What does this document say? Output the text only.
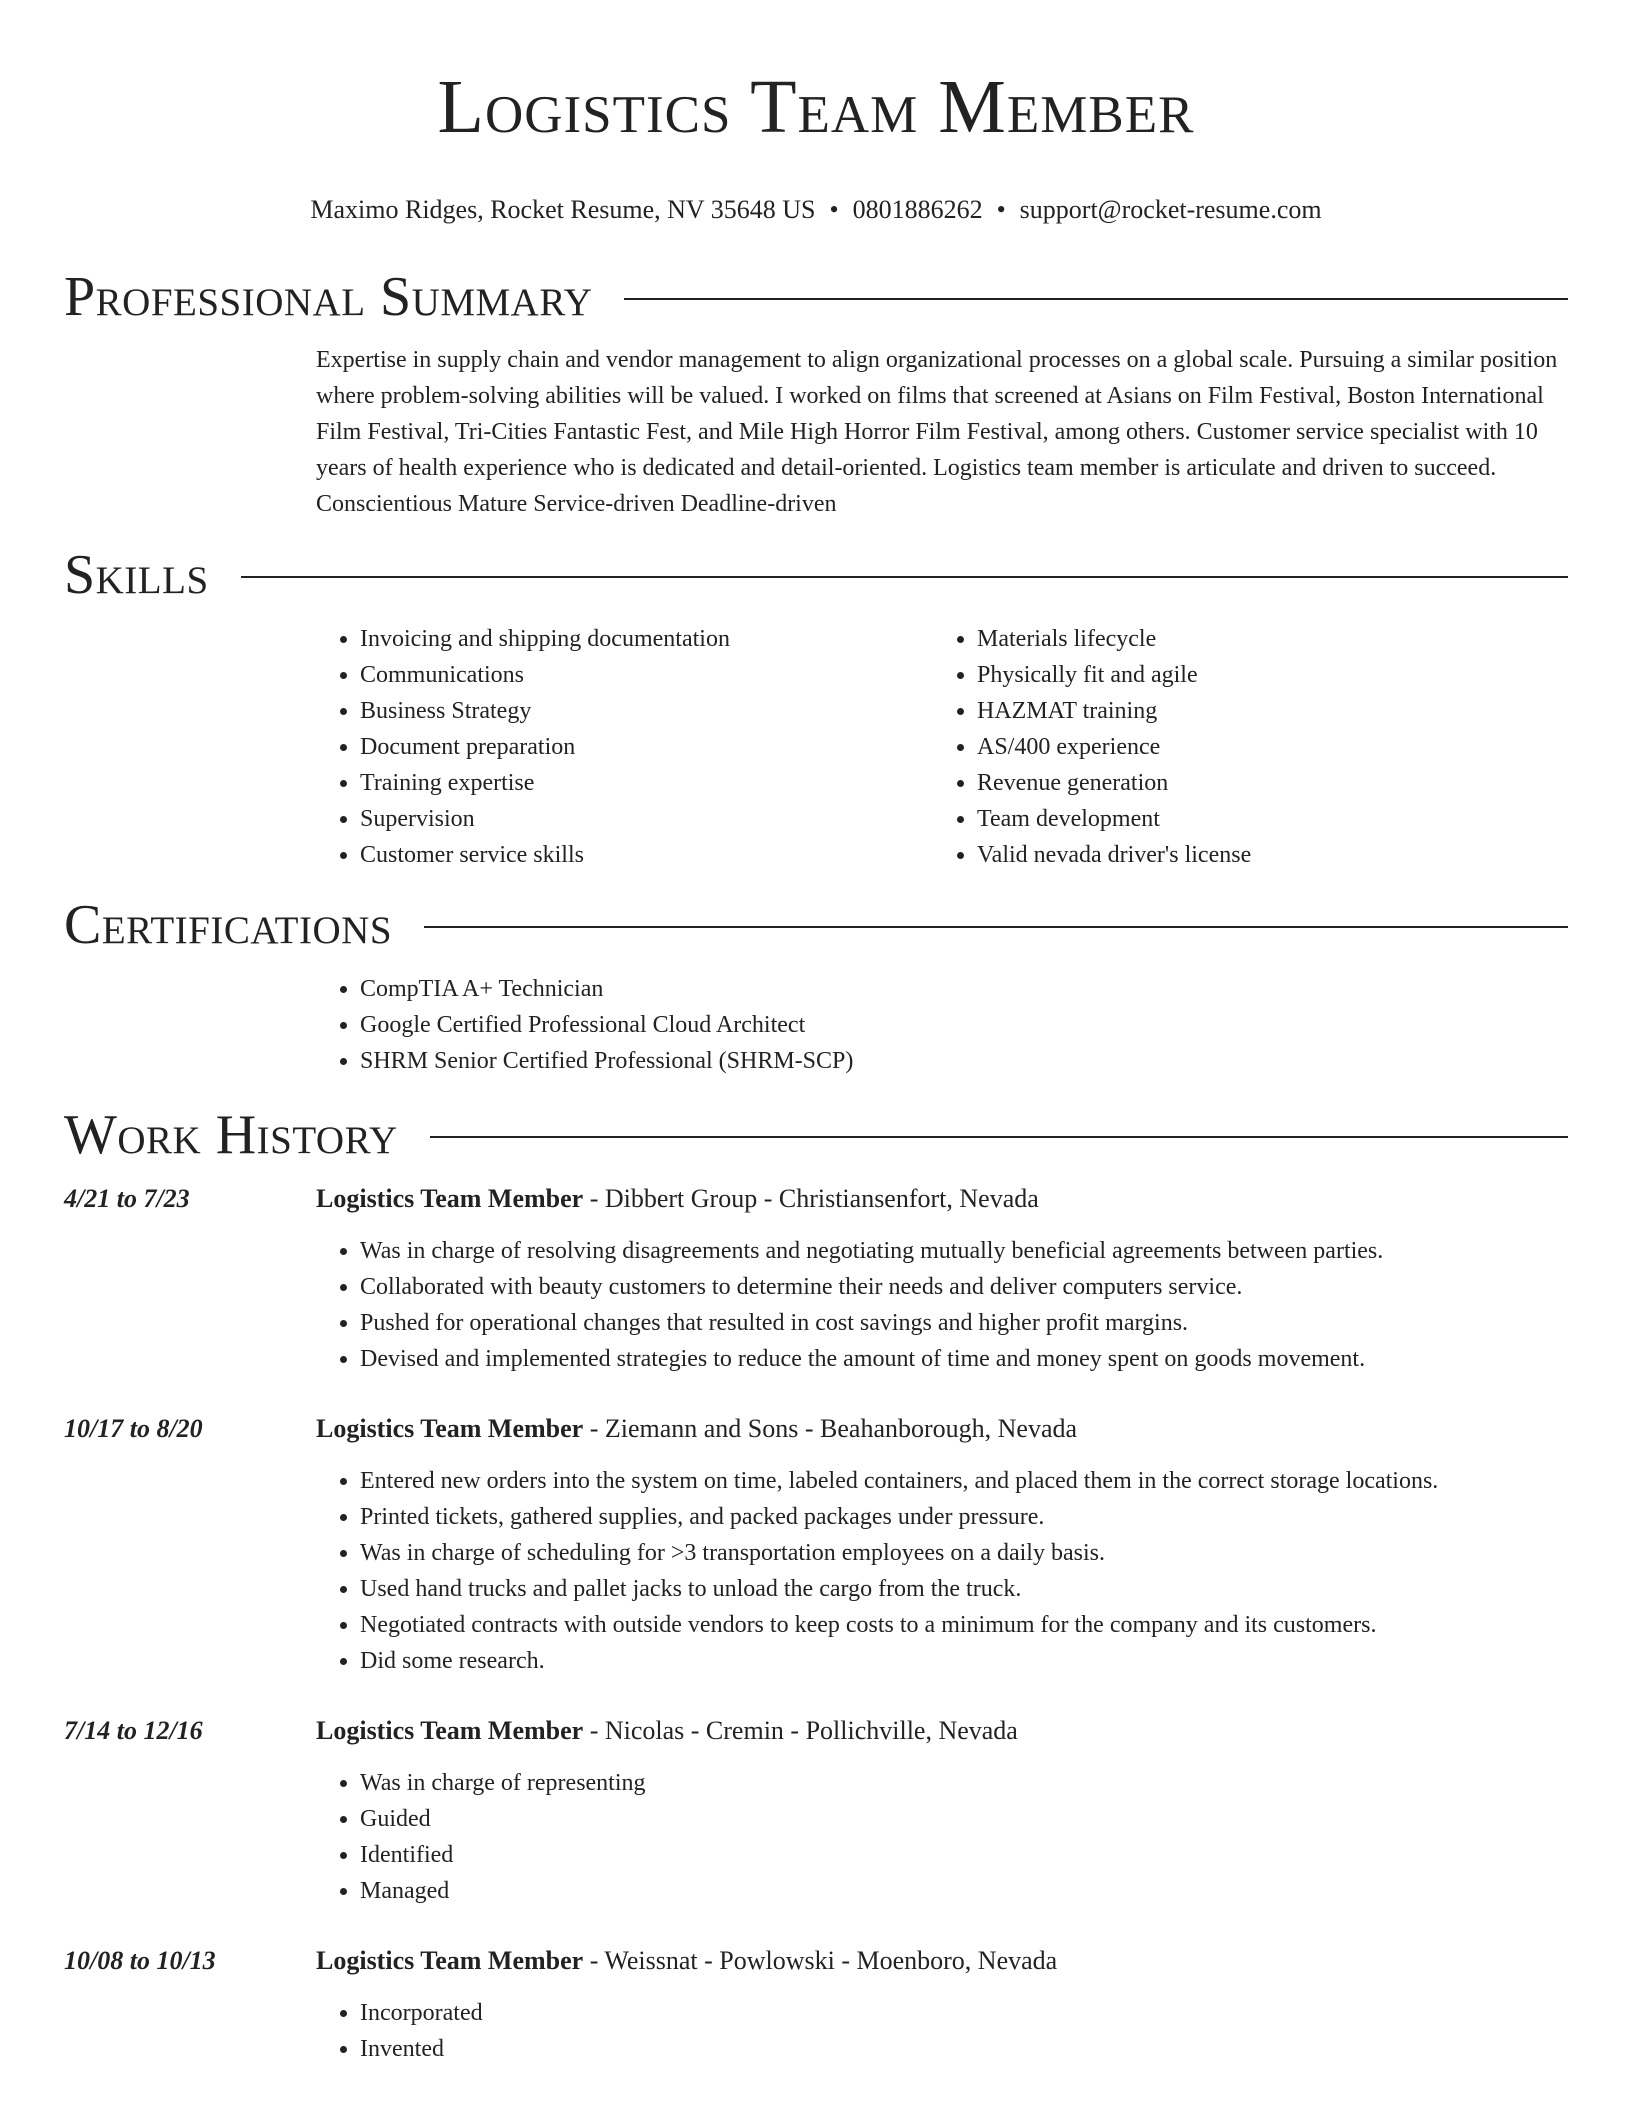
Logistics Team Member
Maximo Ridges, Rocket Resume, NV 35648 US • 0801886262 • support@rocket-resume.com
Professional Summary

Expertise in supply chain and vendor management to align organizational processes on a global scale. Pursuing a similar position where problem-solving abilities will be valued. I worked on films that screened at Asians on Film Festival, Boston International Film Festival, Tri-Cities Fantastic Fest, and Mile High Horror Film Festival, among others. Customer service specialist with 10 years of health experience who is dedicated and detail-oriented. Logistics team member is articulate and driven to succeed. Conscientious Mature Service-driven Deadline-driven

Skills
• Invoicing and shipping documentation
• Communications
• Business Strategy
• Document preparation
• Training expertise
• Supervision
• Customer service skills
• Materials lifecycle
• Physically fit and agile
• HAZMAT training
• AS/400 experience
• Revenue generation
• Team development
• Valid nevada driver's license
Certifications
• CompTIA A+ Technician
• Google Certified Professional Cloud Architect
• SHRM Senior Certified Professional (SHRM-SCP)
Work History
4/21 to 7/23	Logistics Team Member - Dibbert Group - Christiansenfort, Nevada
• Was in charge of resolving disagreements and negotiating mutually beneficial agreements between parties.
• Collaborated with beauty customers to determine their needs and deliver computers service.
• Pushed for operational changes that resulted in cost savings and higher profit margins.
• Devised and implemented strategies to reduce the amount of time and money spent on goods movement.
10/17 to 8/20	Logistics Team Member - Ziemann and Sons - Beahanborough, Nevada
• Entered new orders into the system on time, labeled containers, and placed them in the correct storage locations.
• Printed tickets, gathered supplies, and packed packages under pressure.
• Was in charge of scheduling for >3 transportation employees on a daily basis.
• Used hand trucks and pallet jacks to unload the cargo from the truck.
• Negotiated contracts with outside vendors to keep costs to a minimum for the company and its customers.
• Did some research.
7/14 to 12/16	Logistics Team Member - Nicolas - Cremin - Pollichville, Nevada
• Was in charge of representing
• Guided
• Identified
• Managed
10/08 to 10/13	Logistics Team Member - Weissnat - Powlowski - Moenboro, Nevada
• Incorporated
• Invented
